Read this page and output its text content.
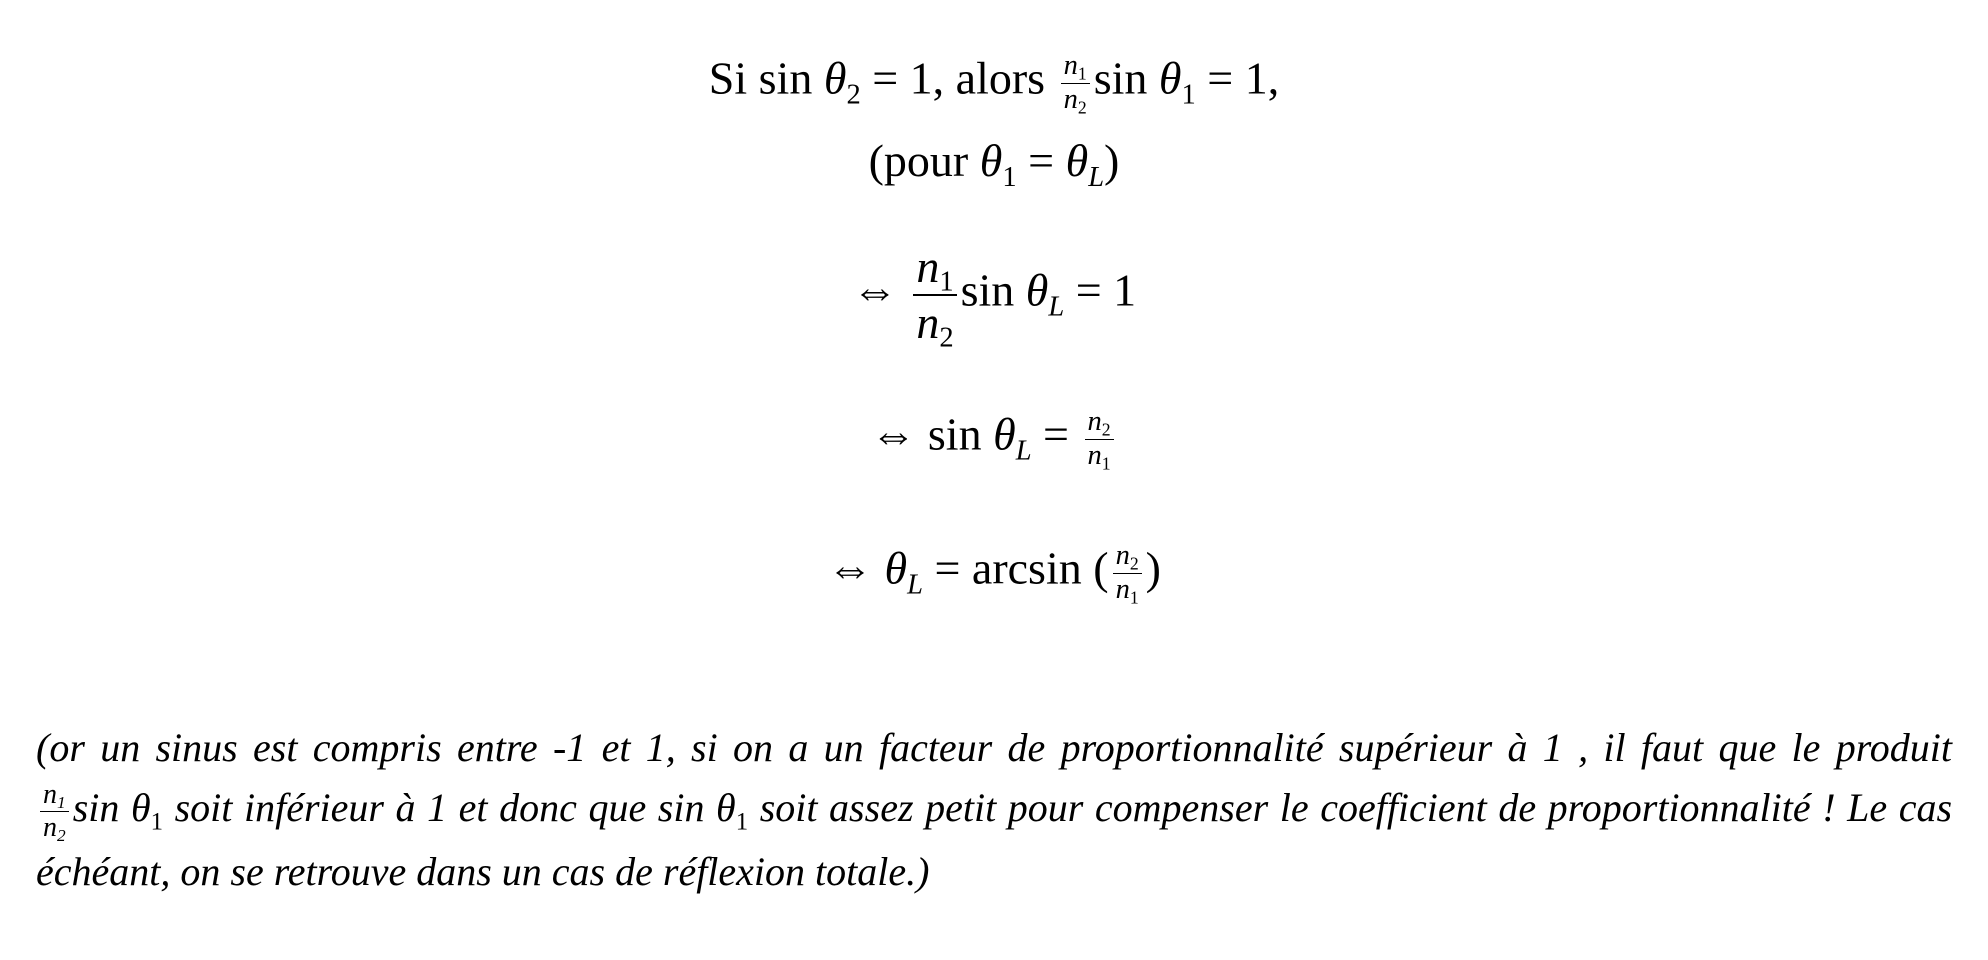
Si $\sin \theta_2 = 1$, alors $\frac{n_1}{n_2}$ $\sin \theta_1 = 1$,
(pour $\theta_1 = \theta_L$)
⇔ $\frac{n_1}{n_2}$ $\sin \theta_L = 1$
⇔ $\sin \theta_L = \frac{n_2}{n_1}$
⇔ $\theta_L = \arcsin$ ( $\frac{n_2}{n_1}$ )
(or un sinus est compris entre -1 et 1, si on a un facteur de proportionnalité supérieur à 1 , il faut que le produit
$\frac{n_1}{n_2}$ $\sin \theta_1$ soit inférieur à 1 et donc que $\sin \theta_1$ soit assez petit pour compenser le coefficient de proportionnalité ! Le cas échéant, on se retrouve dans un cas de réflexion totale.)
